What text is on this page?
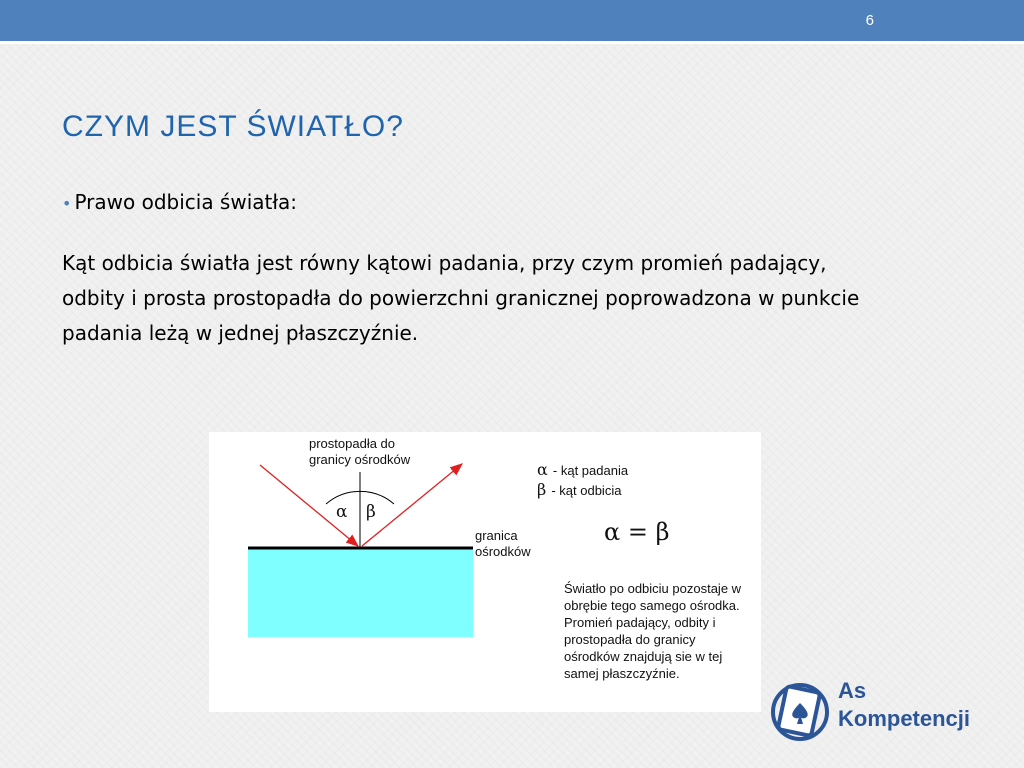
6
CZYM JEST ŚWIATŁO?
• Prawo odbicia światła:
Kąt odbicia światła jest równy kątowi padania, przy czym promień padający, odbity i prosta prostopadła do powierzchni granicznej poprowadzona w punkcie padania leżą w jednej płaszczyźnie.
prostopadła do
granicy ośrodków
granica
ośrodków
α β
α - kąt padania
β - kąt odbicia
α = β

Światło po odbiciu pozostaje w obrębie tego samego ośrodka.

Promień padający, odbity i prostopadła do granicy ośrodków znajdują sie w tej samej płaszczyźnie.

As
Kompetencji
